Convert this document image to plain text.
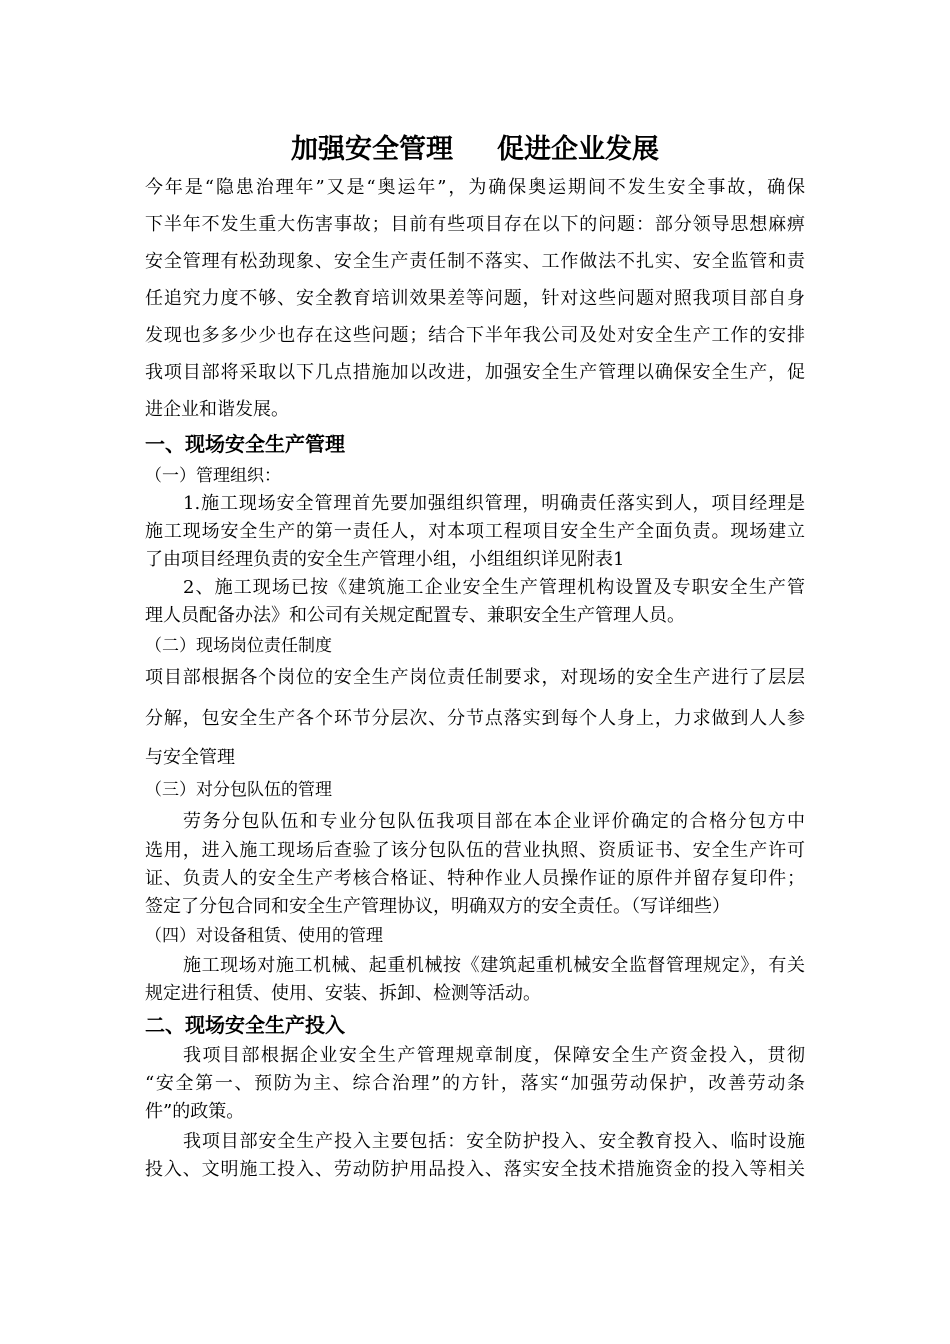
加强安全管理 促进企业发展
今年是“隐患治理年”又是“奥运年”，为确保奥运期间不发生安全事故，确保
下半年不发生重大伤害事故；目前有些项目存在以下的问题：部分领导思想麻痹
安全管理有松劲现象、安全生产责任制不落实、工作做法不扎实、安全监管和责
任追究力度不够、安全教育培训效果差等问题，针对这些问题对照我项目部自身
发现也多多少少也存在这些问题；结合下半年我公司及处对安全生产工作的安排
我项目部将采取以下几点措施加以改进，加强安全生产管理以确保安全生产，促
进企业和谐发展。
一、现场安全生产管理
（一）管理组织：
1.施工现场安全管理首先要加强组织管理，明确责任落实到人，项目经理是
施工现场安全生产的第一责任人，对本项工程项目安全生产全面负责。现场建立
了由项目经理负责的安全生产管理小组，小组组织详见附表1
2、施工现场已按《建筑施工企业安全生产管理机构设置及专职安全生产管
理人员配备办法》和公司有关规定配置专、兼职安全生产管理人员。
（二）现场岗位责任制度
项目部根据各个岗位的安全生产岗位责任制要求，对现场的安全生产进行了层层
分解，包安全生产各个环节分层次、分节点落实到每个人身上，力求做到人人参
与安全管理
（三）对分包队伍的管理
劳务分包队伍和专业分包队伍我项目部在本企业评价确定的合格分包方中
选用，进入施工现场后查验了该分包队伍的营业执照、资质证书、安全生产许可
证、负责人的安全生产考核合格证、特种作业人员操作证的原件并留存复印件；
签定了分包合同和安全生产管理协议，明确双方的安全责任。（写详细些）
（四）对设备租赁、使用的管理
施工现场对施工机械、起重机械按《建筑起重机械安全监督管理规定》，有关
规定进行租赁、使用、安装、拆卸、检测等活动。
二、现场安全生产投入
我项目部根据企业安全生产管理规章制度，保障安全生产资金投入，贯彻
“安全第一、预防为主、综合治理”的方针，落实“加强劳动保护，改善劳动条
件”的政策。
我项目部安全生产投入主要包括：安全防护投入、安全教育投入、临时设施
投入、文明施工投入、劳动防护用品投入、落实安全技术措施资金的投入等相关
